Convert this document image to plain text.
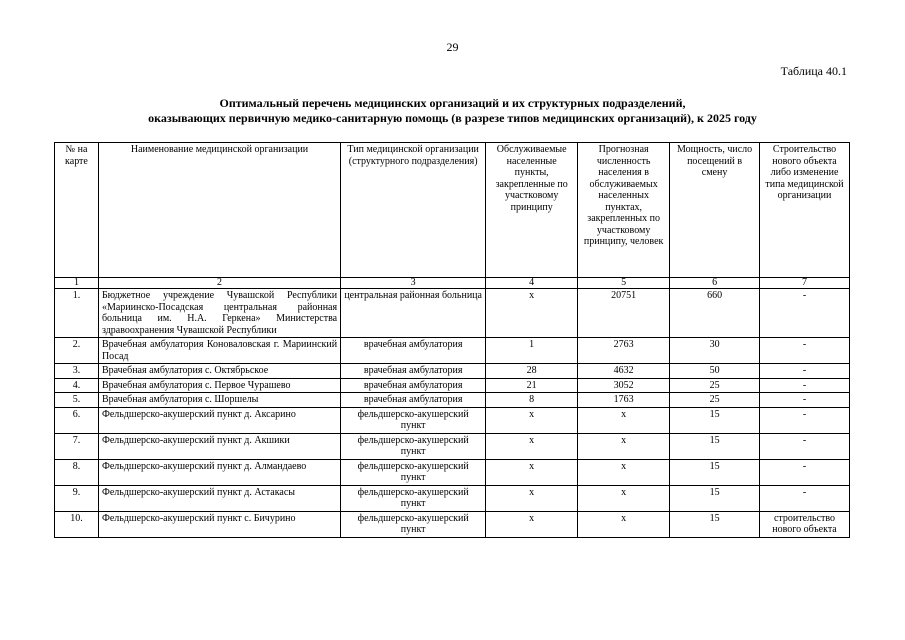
29
Таблица 40.1
Оптимальный перечень медицинских организаций и их структурных подразделений,
оказывающих первичную медико-санитарную помощь (в разрезе типов медицинских организаций), к 2025 году
№ на карте	Наименование медицинской организации	Тип медицинской организации (структурного подразделения)	Обслуживаемые населенные пункты, закрепленные по участковому принципу	Прогнозная численность населения в обслуживаемых населенных пунктах, закрепленных по участковому принципу, человек	Мощность, число посещений в смену	Строительство нового объекта либо изменение типа медицинской организации
1	2	3	4	5	6	7
1.	Бюджетное учреждение Чувашской Республики «Мариинско-Посадская центральная районная больница им. Н.А. Геркена» Министерства здравоохранения Чувашской Республики	центральная районная больница	x	20751	660	-
2.	Врачебная амбулатория Коноваловская г. Мариинский Посад	врачебная амбулатория	1	2763	30	-
3.	Врачебная амбулатория с. Октябрьское	врачебная амбулатория	28	4632	50	-
4.	Врачебная амбулатория с. Первое Чурашево	врачебная амбулатория	21	3052	25	-
5.	Врачебная амбулатория с. Шоршелы	врачебная амбулатория	8	1763	25	-
6.	Фельдшерско-акушерский пункт д. Аксарино	фельдшерско-акушерский пункт	x	x	15	-
7.	Фельдшерско-акушерский пункт д. Акшики	фельдшерско-акушерский пункт	x	x	15	-
8.	Фельдшерско-акушерский пункт д. Алмандаево	фельдшерско-акушерский пункт	x	x	15	-
9.	Фельдшерско-акушерский пункт д. Астакасы	фельдшерско-акушерский пункт	x	x	15	-
10.	Фельдшерско-акушерский пункт с. Бичурино	фельдшерско-акушерский пункт	x	x	15	строительство нового объекта
